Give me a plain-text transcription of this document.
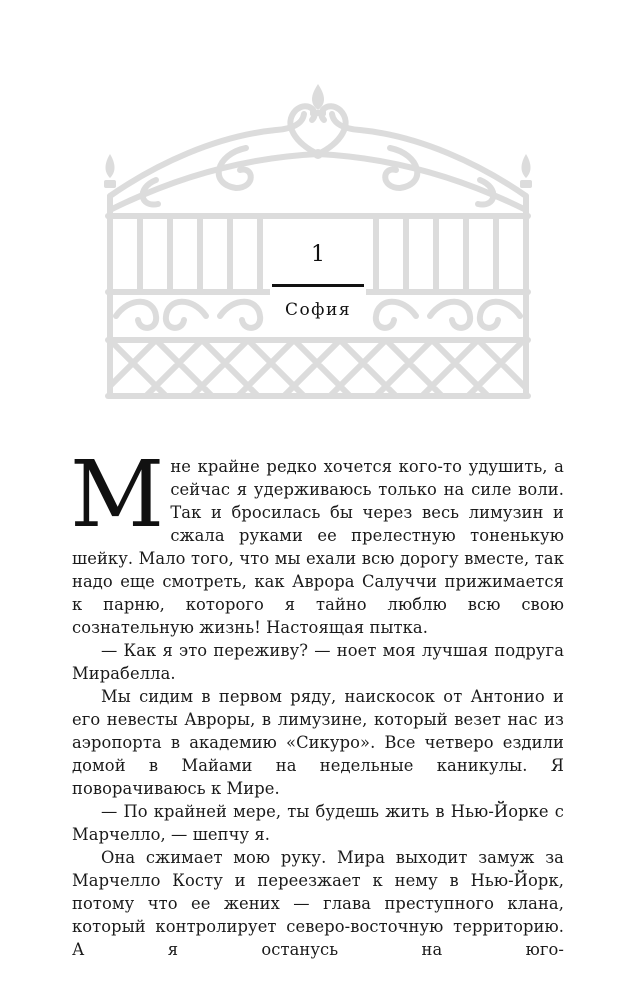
1
София

Мне крайне редко хочется кого-то удушить, а сейчас я удерживаюсь только на силе воли. Так и бросилась бы через весь лимузин и сжала руками ее прелестную тоненькую шейку. Мало того, что мы ехали всю дорогу вместе, так надо еще смотреть, как Аврора Салуччи прижимается к парню, которого я тайно люблю всю свою сознательную жизнь! Настоящая пытка.

— Как я это переживу? — ноет моя лучшая подруга Мирабелла.

Мы сидим в первом ряду, наискосок от Антонио и его невесты Авроры, в лимузине, который везет нас из аэропорта в академию «Сикуро». Все четверо ездили домой в Майами на недельные каникулы. Я поворачиваюсь к Мире.

— По крайней мере, ты будешь жить в Нью-Йорке с Марчелло, — шепчу я.

Она сжимает мою руку. Мира выходит замуж за Марчелло Косту и переезжает к нему в Нью-Йорк, потому что ее жених — глава преступного клана, который контролирует северо-восточную территорию. А я останусь на юго-
